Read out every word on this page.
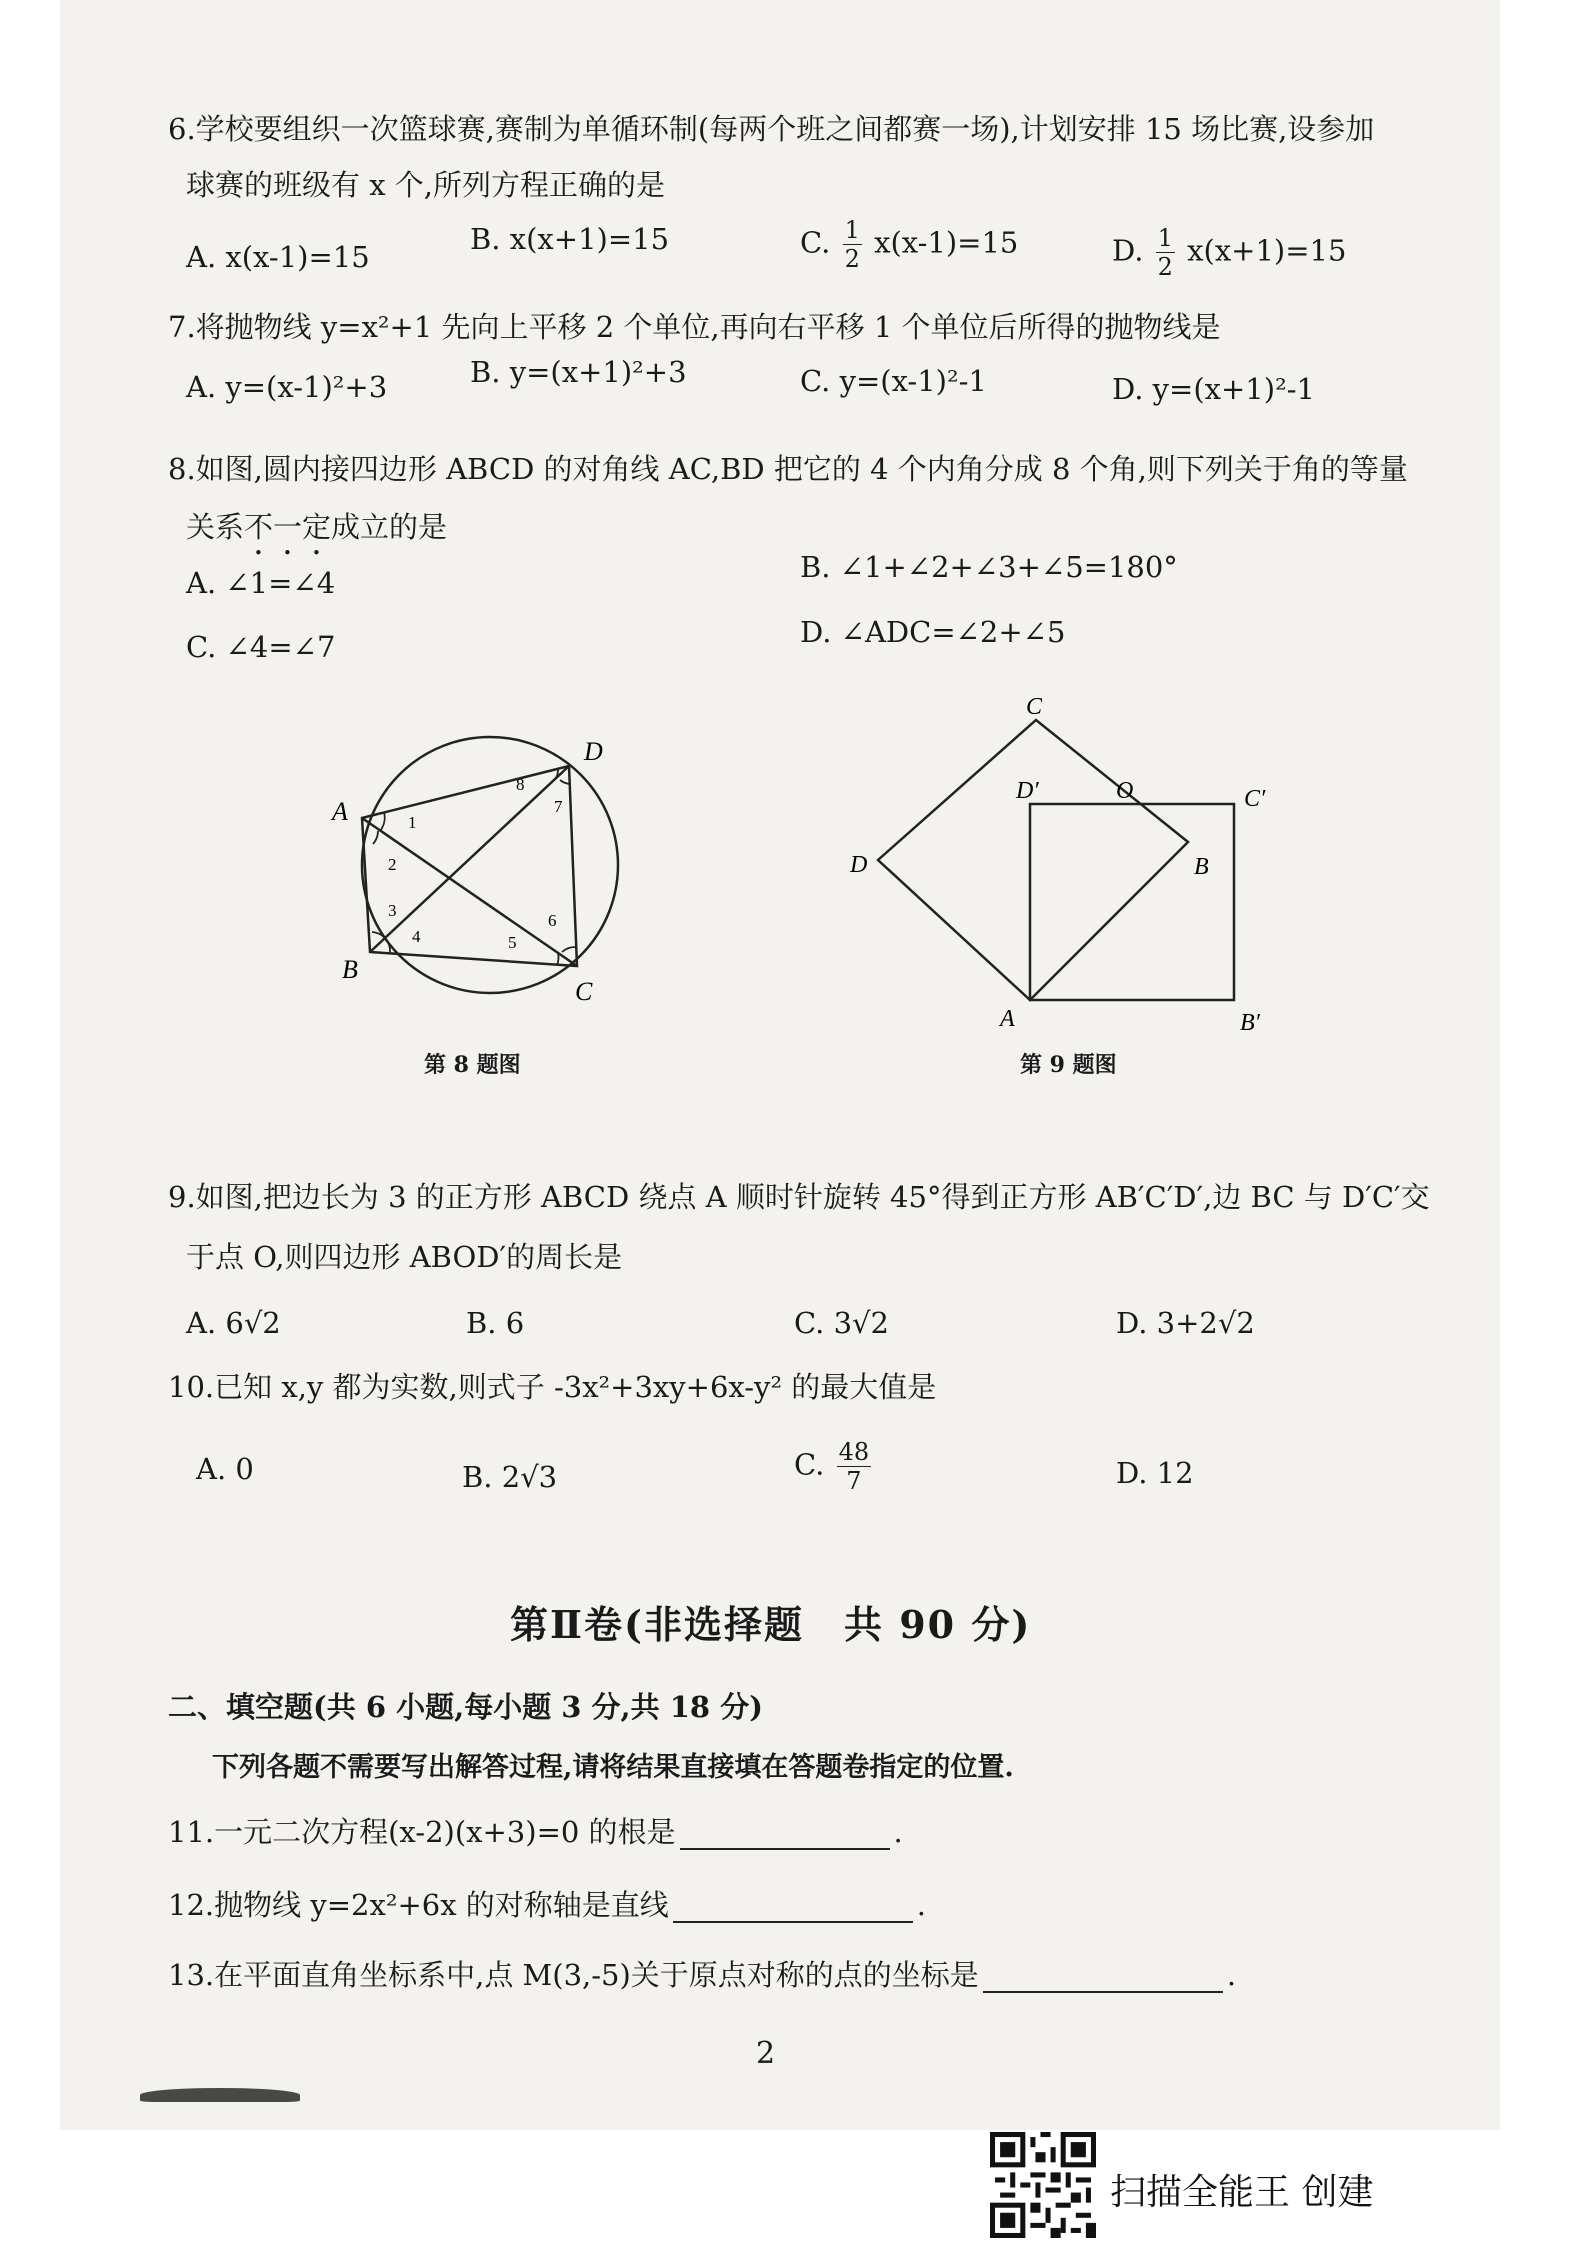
6.学校要组织一次篮球赛,赛制为单循环制(每两个班之间都赛一场),计划安排 15 场比赛,设参加
球赛的班级有 x 个,所列方程正确的是
A. x(x-1)=15
B. x(x+1)=15	C. $\frac{1}{2} x(x-1)=15$	D. $\frac{1}{2} x(x+1)=15$
7.将抛物线 y=x²+1 先向上平移 2 个单位,再向右平移 1 个单位后所得的抛物线是
A. y=(x-1)²+3	B. y=(x+1)²+3	C. y=(x-1)²-1	D. y=(x+1)²-1
8.如图,圆内接四边形 ABCD 的对角线 AC,BD 把它的 4 个内角分成 8 个角,则下列关于角的等量
关系不一定成立的是
A. ∠1=∠4	B. ∠1+∠2+∠3+∠5=180°
C. ∠4=∠7	D. ∠ADC=∠2+∠5
A
B
C
D
1
2
3
4	5
6
7
8
第 8 题图
C
D′	O	C′
D	B
A	B′
第 9 题图
9.如图,把边长为 3 的正方形 ABCD 绕点 A 顺时针旋转 45°得到正方形 AB′C′D′,边 BC 与 D′C′交
于点 O,则四边形 ABOD′的周长是
A. 6√2	B. 6	C. 3√2	D. 3+2√2
10.已知 x,y 都为实数,则式子 -3x²+3xy+6x-y² 的最大值是
A. 0	B. 2√3	C. $\frac{48}{7}$	D. 12
第Ⅱ卷(非选择题　共 90 分)
二、填空题(共 6 小题,每小题 3 分,共 18 分)
下列各题不需要写出解答过程,请将结果直接填在答题卷指定的位置.
11.一元二次方程(x-2)(x+3)=0 的根是	.
12.抛物线 y=2x²+6x 的对称轴是直线	.
13.在平面直角坐标系中,点 M(3,-5)关于原点对称的点的坐标是	.
2
扫描全能王 创建
